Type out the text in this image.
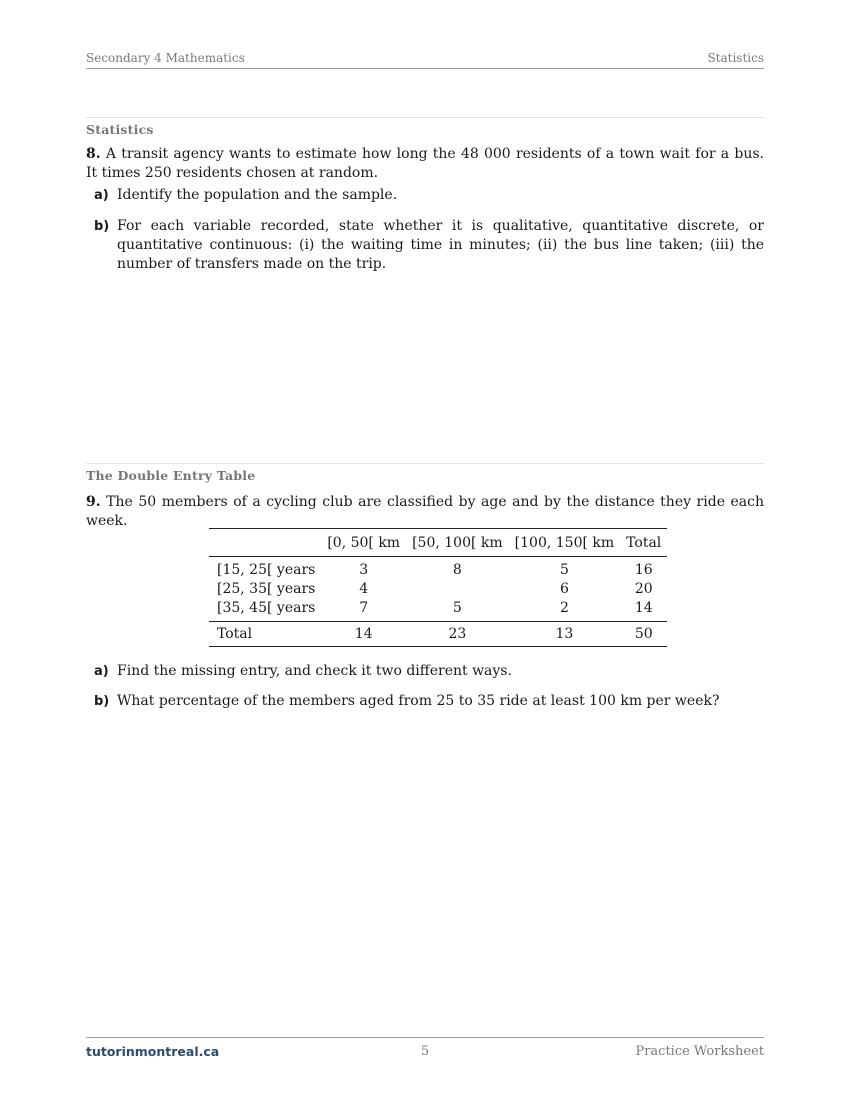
Secondary 4 Mathematics	Statistics
Statistics
8. A transit agency wants to estimate how long the 48 000 residents of a town wait for a bus. It times 250 residents chosen at random.
a) Identify the population and the sample.
b) For each variable recorded, state whether it is qualitative, quantitative discrete, or quantitative continuous: (i) the waiting time in minutes; (ii) the bus line taken; (iii) the number of transfers made on the trip.
The Double Entry Table
9. The 50 members of a cycling club are classified by age and by the distance they ride each week.
	[0, 50[ km	[50, 100[ km	[100, 150[ km	Total
[15, 25[ years	3	8	5	16
[25, 35[ years	4		6	20
[35, 45[ years	7	5	2	14
Total	14	23	13	50
a) Find the missing entry, and check it two different ways.
b) What percentage of the members aged from 25 to 35 ride at least 100 km per week?
tutorinmontreal.ca	5	Practice Worksheet
